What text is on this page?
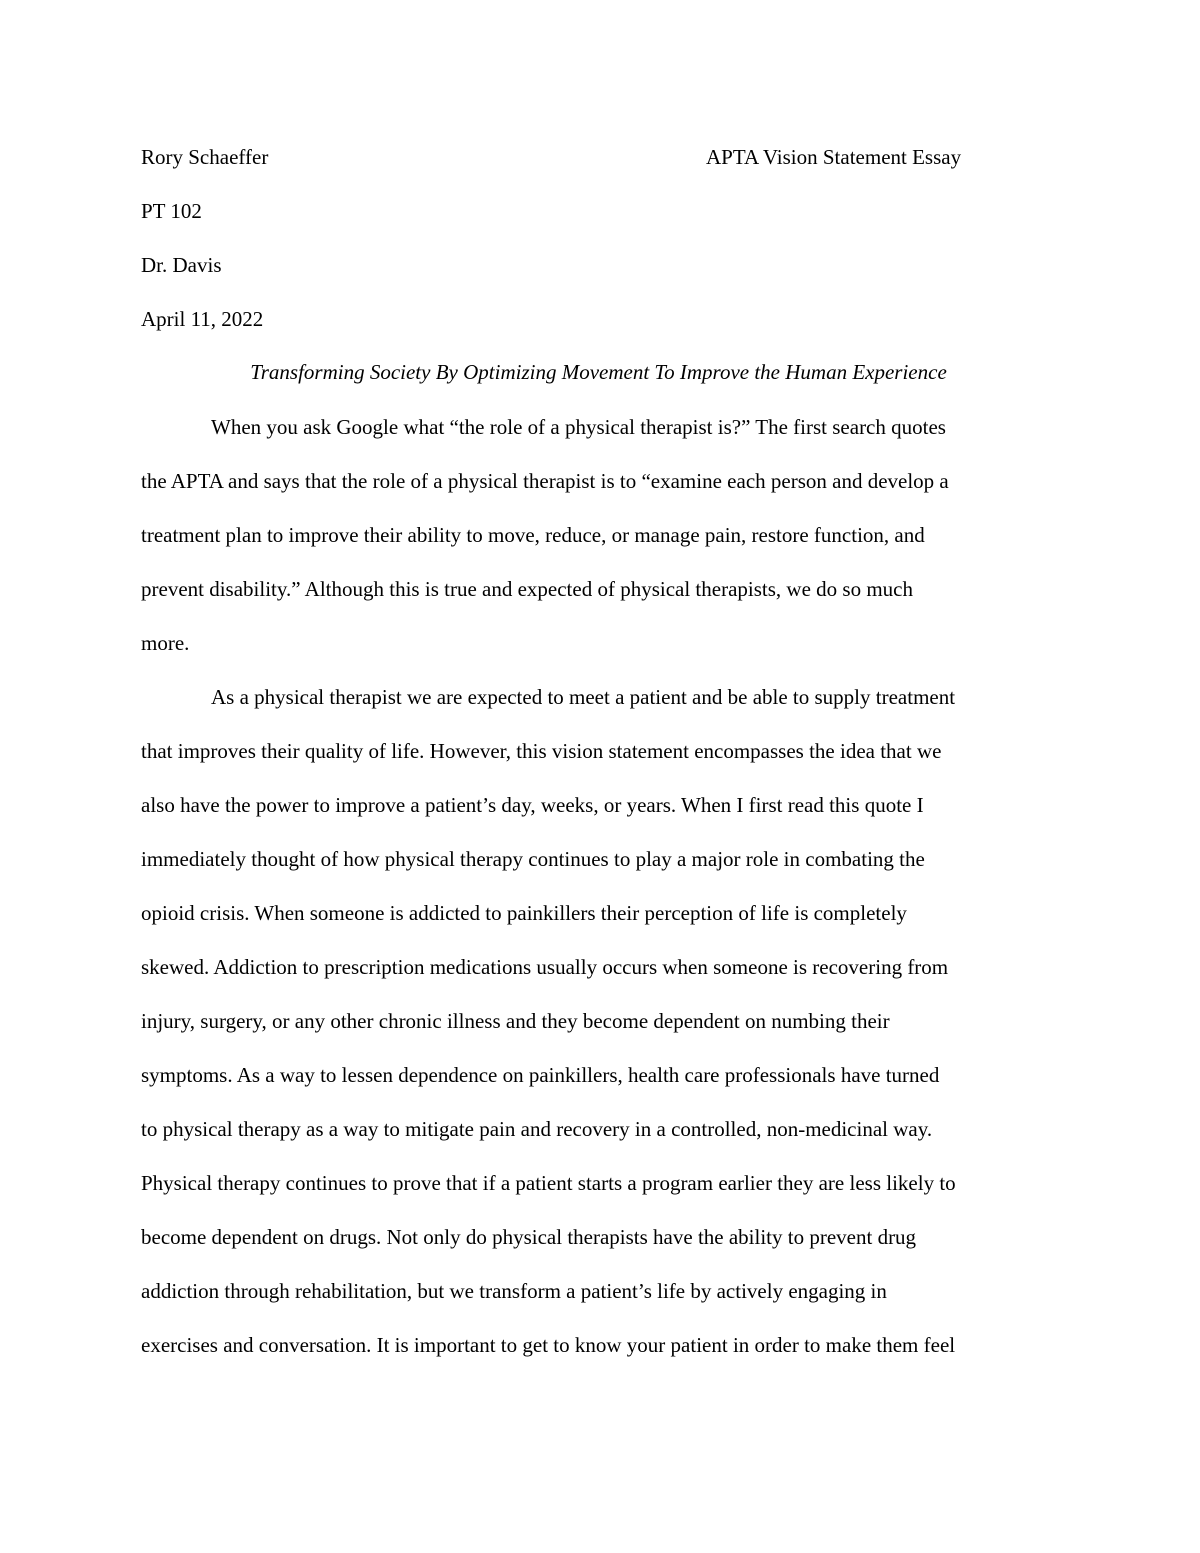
Rory Schaeffer	APTA Vision Statement Essay
PT 102
Dr. Davis
April 11, 2022
Transforming Society By Optimizing Movement To Improve the Human Experience
When you ask Google what “the role of a physical therapist is?” The first search quotes
the APTA and says that the role of a physical therapist is to “examine each person and develop a
treatment plan to improve their ability to move, reduce, or manage pain, restore function, and
prevent disability.” Although this is true and expected of physical therapists, we do so much
more.
As a physical therapist we are expected to meet a patient and be able to supply treatment
that improves their quality of life. However, this vision statement encompasses the idea that we
also have the power to improve a patient’s day, weeks, or years. When I first read this quote I
immediately thought of how physical therapy continues to play a major role in combating the
opioid crisis. When someone is addicted to painkillers their perception of life is completely
skewed. Addiction to prescription medications usually occurs when someone is recovering from
injury, surgery, or any other chronic illness and they become dependent on numbing their
symptoms. As a way to lessen dependence on painkillers, health care professionals have turned
to physical therapy as a way to mitigate pain and recovery in a controlled, non-medicinal way.
Physical therapy continues to prove that if a patient starts a program earlier they are less likely to
become dependent on drugs. Not only do physical therapists have the ability to prevent drug
addiction through rehabilitation, but we transform a patient’s life by actively engaging in
exercises and conversation. It is important to get to know your patient in order to make them feel
